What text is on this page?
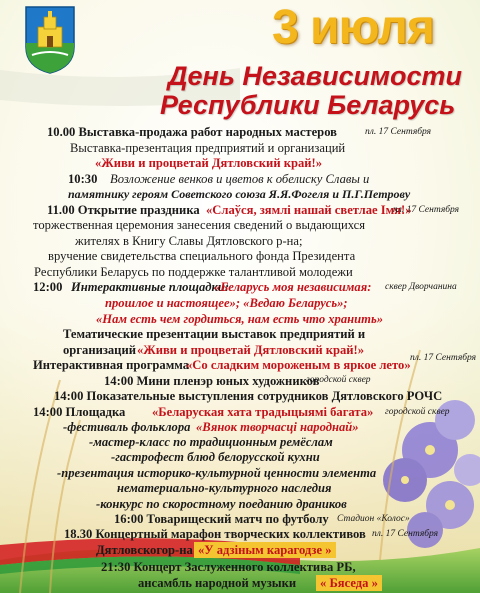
3 июля
День Независимости
Республики Беларусь
10.00 Выставка-продажа работ народных мастеров	пл. 17 Сентября
Выставка-презентация предприятий и организаций
«Живи и процветай Дятловский край!»
10:30 Возложение венков и цветов к обелиску Славы и
памятнику героям Советского союза Я.Я.Фогеля и П.Г.Петрову
11.00 Открытие праздника «Слаўся, зямлі нашай светлае Імя!»
пл. 17 Сентября
торжественная церемония занесения сведений о выдающихся
жителях в Книгу Славы Дятловского р-на;
вручение свидетельства специального фонда Президента
Республики Беларусь по поддержке талантливой молодежи
12:00 Интерактивные площадки:
«Беларусь моя независимая: сквер Дворчанина
прошлое и настоящее»; «Ведаю Беларусь»;
«Нам есть чем гордиться, нам есть что хранить»
Тематические презентации выставок предприятий и
организаций «Живи и процветай Дятловский край!»
Интерактивная программа
«Со сладким мороженым в яркое лето» пл. 17 Сентября
14:00 Мини пленэр юных художников
городской сквер
14:00 Показательные выступления сотрудников Дятловского РОЧС
14:00 Площадка «Беларуская хата традыцыямі багата» городской сквер
-фестиваль фольклора «Вянок творчасці народнай»
-мастер-класс по традиционным ремёслам
-гастрофест блюд белорусской кухни
-презентация историко-культурной ценности элемента
нематериально-культурного наследия
-конкурс по скоростному поеданию драников
16:00 Товарищеский матч по футболу Стадион «Колос»
18.30 Концертный марафон творческих коллективов пл. 17 Сентября
Дятловскогор-на «У адзіным карагодзе »
21:30 Концерт Заслуженного коллектива РБ,
ансамбль народной музыки	« Бяседа »
